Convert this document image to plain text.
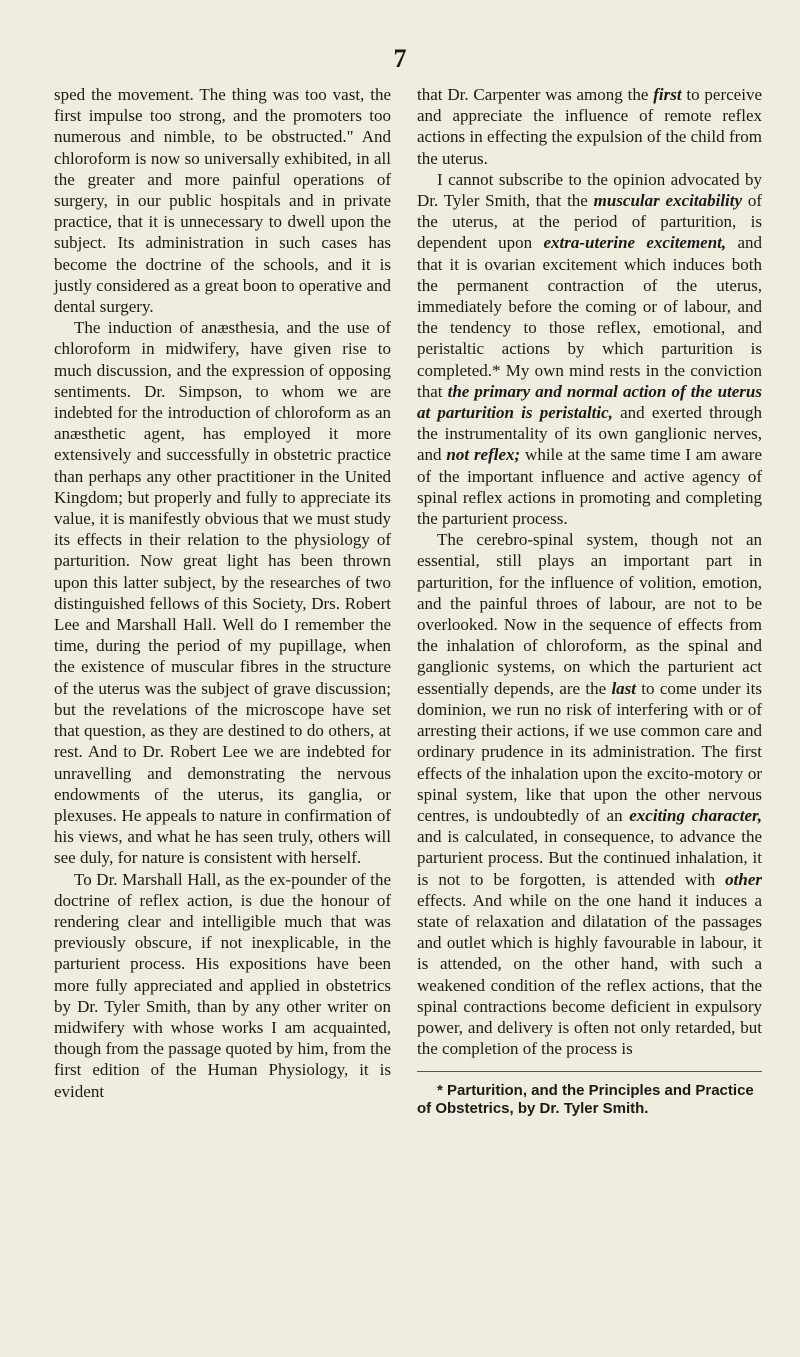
7

sped the movement. The thing was too vast, the first impulse too strong, and the promoters too numerous and nimble, to be obstructed." And chloroform is now so universally exhibited, in all the greater and more painful operations of surgery, in our public hospitals and in private practice, that it is unnecessary to dwell upon the subject. Its administration in such cases has become the doctrine of the schools, and it is justly considered as a great boon to operative and dental surgery.

The induction of anæsthesia, and the use of chloroform in midwifery, have given rise to much discussion, and the expression of opposing sentiments. Dr. Simpson, to whom we are indebted for the introduction of chloroform as an anæsthetic agent, has employed it more extensively and successfully in obstetric practice than perhaps any other practitioner in the United Kingdom; but properly and fully to appreciate its value, it is manifestly obvious that we must study its effects in their relation to the physiology of parturition. Now great light has been thrown upon this latter subject, by the researches of two distinguished fellows of this Society, Drs. Robert Lee and Marshall Hall. Well do I remember the time, during the period of my pupillage, when the existence of muscular fibres in the structure of the uterus was the subject of grave discussion; but the revelations of the microscope have set that question, as they are destined to do others, at rest. And to Dr. Robert Lee we are indebted for unravelling and demonstrating the nervous endowments of the uterus, its ganglia, or plexuses. He appeals to nature in confirmation of his views, and what he has seen truly, others will see duly, for nature is consistent with herself.

To Dr. Marshall Hall, as the ex-pounder of the doctrine of reflex action, is due the honour of rendering clear and intelligible much that was previously obscure, if not inexplicable, in the parturient process. His expositions have been more fully appreciated and applied in obstetrics by Dr. Tyler Smith, than by any other writer on midwifery with whose works I am acquainted, though from the passage quoted by him, from the first edition of the Human Physiology, it is evident

that Dr. Carpenter was among the first to perceive and appreciate the influence of remote reflex actions in effecting the expulsion of the child from the uterus.

I cannot subscribe to the opinion advocated by Dr. Tyler Smith, that the muscular excitability of the uterus, at the period of parturition, is dependent upon extra-uterine excitement, and that it is ovarian excitement which induces both the permanent contraction of the uterus, immediately before the coming or of labour, and the tendency to those reflex, emotional, and peristaltic actions by which parturition is completed.* My own mind rests in the conviction that the primary and normal action of the uterus at parturition is peristaltic, and exerted through the instrumentality of its own ganglionic nerves, and not reflex; while at the same time I am aware of the important influence and active agency of spinal reflex actions in promoting and completing the parturient process.

The cerebro-spinal system, though not an essential, still plays an important part in parturition, for the influence of volition, emotion, and the painful throes of labour, are not to be overlooked. Now in the sequence of effects from the inhalation of chloroform, as the spinal and ganglionic systems, on which the parturient act essentially depends, are the last to come under its dominion, we run no risk of interfering with or of arresting their actions, if we use common care and ordinary prudence in its administration. The first effects of the inhalation upon the excito-motory or spinal system, like that upon the other nervous centres, is undoubtedly of an exciting character, and is calculated, in consequence, to advance the parturient process. But the continued inhalation, it is not to be forgotten, is attended with other effects. And while on the one hand it induces a state of relaxation and dilatation of the passages and outlet which is highly favourable in labour, it is attended, on the other hand, with such a weakened condition of the reflex actions, that the spinal contractions become deficient in expulsory power, and delivery is often not only retarded, but the completion of the process is

* Parturition, and the Principles and Practice of Obstetrics, by Dr. Tyler Smith.
